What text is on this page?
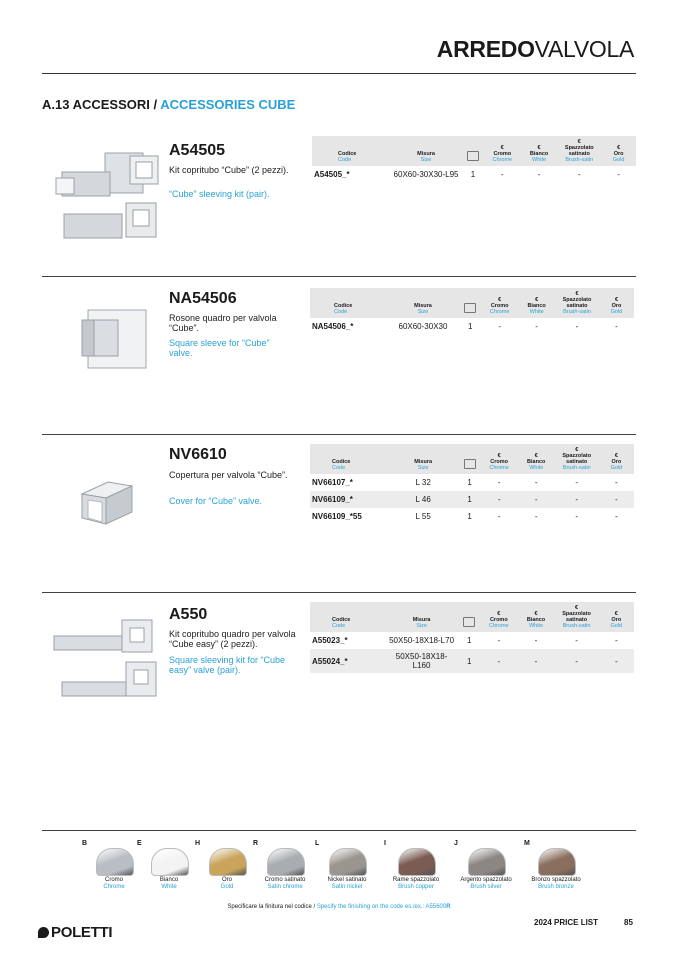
ARREDOVALVOLA
A.13 ACCESSORI / ACCESSORIES CUBE
A54505
Kit copritubo “Cube” (2 pezzi).
“Cube” sleeving kit (pair).
Codice
Code	Misura
Size		€
Cromo
Chrome	€
Bianco
White	€
Spazzolato satinato
Brush-satin	€
Oro
Gold

A54505_*	60X60-30X30-L95	1	-	-	-	-
NA54506
Rosone quadro per valvola “Cube”.
Square sleeve for “Cube” valve.
Codice
Code	Misura
Size		€
Cromo
Chrome	€
Bianco
White	€
Spazzolato satinato
Brush-satin	€
Oro
Gold

NA54506_*	60X60-30X30	1	-	-	-	-
NV6610
Copertura per valvola “Cube”.
Cover for “Cube” valve.
Codice
Code	Misura
Size		€
Cromo
Chrome	€
Bianco
White	€
Spazzolato satinato
Brush-satin	€
Oro
Gold

NV66107_*	L 32	1	-	-	-	-
NV66109_*	L 46	1	-	-	-	-
NV66109_*55	L 55	1	-	-	-	-
A550
Kit copritubo quadro per valvola “Cube easy” (2 pezzi).
Square sleeving kit for “Cube easy” valve (pair).
Codice
Code	Misura
Size		€
Cromo
Chrome	€
Bianco
White	€
Spazzolato satinato
Brush-satin	€
Oro
Gold

A55023_*	50X50-18X18-L70	1	-	-	-	-
A55024_*	50X50-18X18-L160	1	-	-	-	-
B
Cromo
Chrome
E
Bianco
White
H
Oro
Gold
R
Cromo satinato
Satin chrome
L
Nickel satinato
Satin nickel
I
Rame spazzolato
Brush copper
J
Argento spazzolato
Brush silver
M
Bronzo spazzolato
Brush bronze
Specificare la finitura nel codice / Specify the finishing on the code es./ex.: A55600R
POLETTI
2024 PRICE LIST	85
